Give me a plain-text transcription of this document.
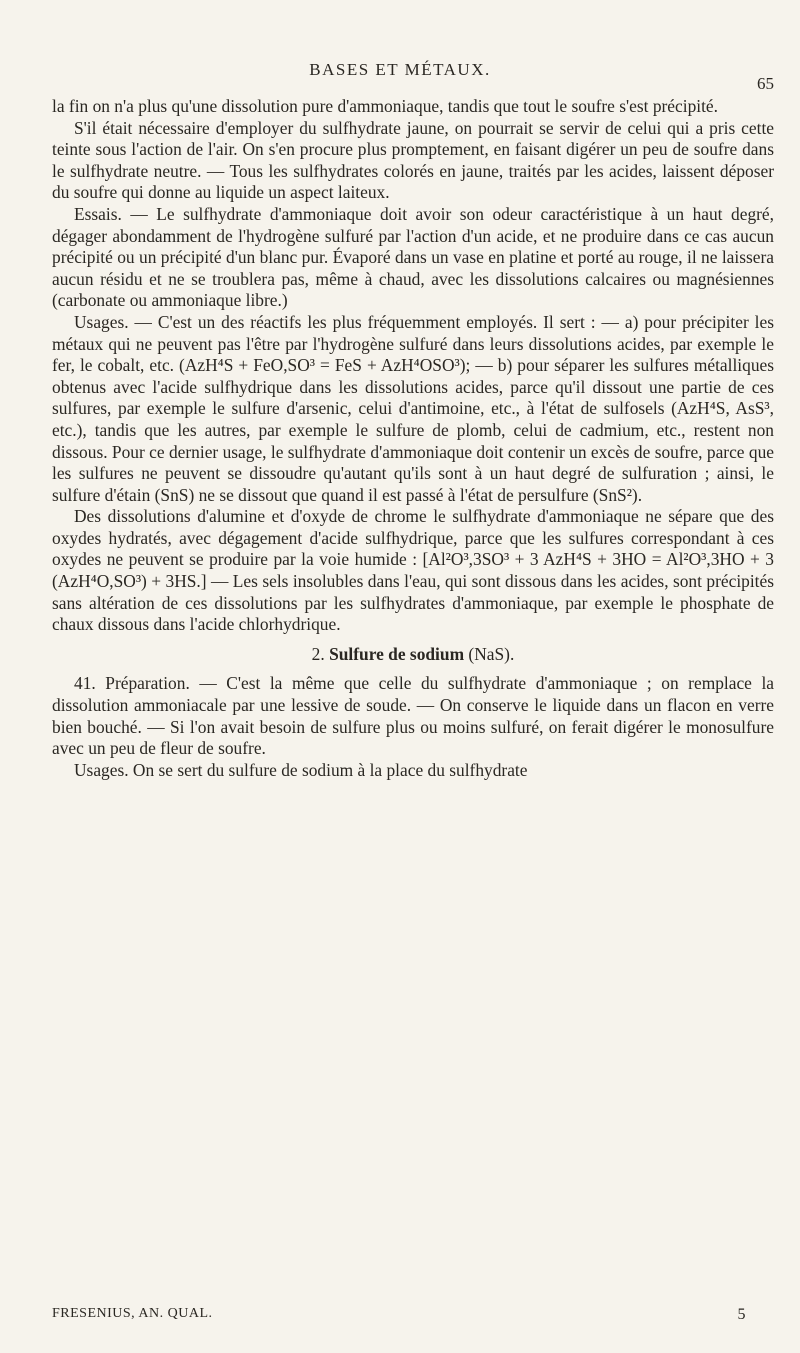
BASES ET MÉTAUX.
65

la fin on n'a plus qu'une dissolution pure d'ammoniaque, tandis que tout le soufre s'est précipité.

S'il était nécessaire d'employer du sulfhydrate jaune, on pourrait se servir de celui qui a pris cette teinte sous l'action de l'air. On s'en procure plus promptement, en faisant digérer un peu de soufre dans le sulfhydrate neutre. — Tous les sulfhydrates colorés en jaune, traités par les acides, laissent déposer du soufre qui donne au liquide un aspect laiteux.

Essais. — Le sulfhydrate d'ammoniaque doit avoir son odeur caractéristique à un haut degré, dégager abondamment de l'hydrogène sulfuré par l'action d'un acide, et ne produire dans ce cas aucun précipité ou un précipité d'un blanc pur. Évaporé dans un vase en platine et porté au rouge, il ne laissera aucun résidu et ne se troublera pas, même à chaud, avec les dissolutions calcaires ou magnésiennes (carbonate ou ammoniaque libre.)

Usages. — C'est un des réactifs les plus fréquemment employés. Il sert : — a) pour précipiter les métaux qui ne peuvent pas l'être par l'hydrogène sulfuré dans leurs dissolutions acides, par exemple le fer, le cobalt, etc. (AzH⁴S + FeO,SO³ = FeS + AzH⁴OSO³); — b) pour séparer les sulfures métalliques obtenus avec l'acide sulfhydrique dans les dissolutions acides, parce qu'il dissout une partie de ces sulfures, par exemple le sulfure d'arsenic, celui d'antimoine, etc., à l'état de sulfosels (AzH⁴S, AsS³, etc.), tandis que les autres, par exemple le sulfure de plomb, celui de cadmium, etc., restent non dissous. Pour ce dernier usage, le sulfhydrate d'ammoniaque doit contenir un excès de soufre, parce que les sulfures ne peuvent se dissoudre qu'autant qu'ils sont à un haut degré de sulfuration ; ainsi, le sulfure d'étain (SnS) ne se dissout que quand il est passé à l'état de persulfure (SnS²).

Des dissolutions d'alumine et d'oxyde de chrome le sulfhydrate d'ammoniaque ne sépare que des oxydes hydratés, avec dégagement d'acide sulfhydrique, parce que les sulfures correspondant à ces oxydes ne peuvent se produire par la voie humide : [Al²O³,3SO³ + 3 AzH⁴S + 3HO = Al²O³,3HO + 3 (AzH⁴O,SO³) + 3HS.] — Les sels insolubles dans l'eau, qui sont dissous dans les acides, sont précipités sans altération de ces dissolutions par les sulfhydrates d'ammoniaque, par exemple le phosphate de chaux dissous dans l'acide chlorhydrique.

2. Sulfure de sodium (NaS).

41. Préparation. — C'est la même que celle du sulfhydrate d'ammoniaque ; on remplace la dissolution ammoniacale par une lessive de soude. — On conserve le liquide dans un flacon en verre bien bouché. — Si l'on avait besoin de sulfure plus ou moins sulfuré, on ferait digérer le monosulfure avec un peu de fleur de soufre.

Usages. On se sert du sulfure de sodium à la place du sulfhydrate

FRESENIUS, AN. QUAL.	5
